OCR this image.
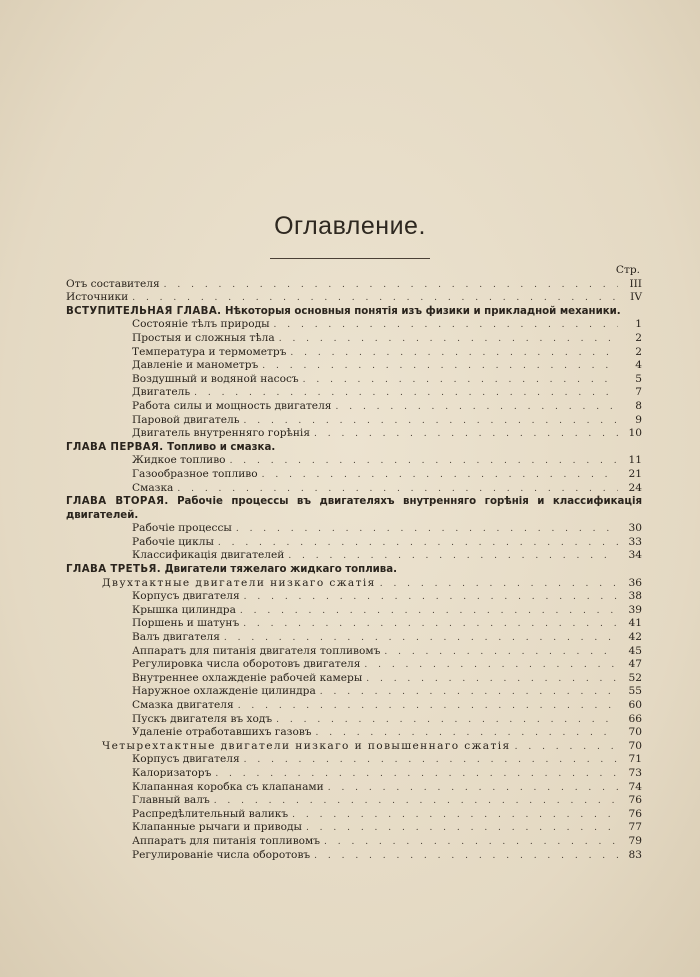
Оглавление.
Стр.
Отъ составителя . . .	III
Источники . . .	IV
ВСТУПИТЕЛЬНАЯ ГЛАВА. Нѣкоторыя основныя понятія изъ физики и прикладной механики.
Состояніе тѣлъ природы . . .	1
Простыя и сложныя тѣла . . .	2
Температура и термометръ . . .	2
Давленіе и манометръ . . .	4
Воздушный и водяной насосъ . . .	5
Двигатель . . .	7
Работа силы и мощность двигателя . . .	8
Паровой двигатель . . .	9
Двигатель внутренняго горѣнія . . .	10
ГЛАВА ПЕРВАЯ. Топливо и смазка.
Жидкое топливо . . .	11
Газообразное топливо . . .	21
Смазка . . .	24
ГЛАВА ВТОРАЯ. Рабочіе процессы въ двигателяхъ внутренняго горѣнія и классификація двигателей.
Рабочіе процессы . . .	30
Рабочіе циклы . . .	33
Классификація двигателей . . .	34
ГЛАВА ТРЕТЬЯ. Двигатели тяжелаго жидкаго топлива.
Двухтактные двигатели низкаго сжатія . . .	36
Корпусъ двигателя . . .	38
Крышка цилиндра . . .	39
Поршень и шатунъ . . .	41
Валъ двигателя . . .	42
Аппаратъ для питанія двигателя топливомъ . . .	45
Регулировка числа оборотовъ двигателя . . .	47
Внутреннее охлажденіе рабочей камеры . . .	52
Наружное охлажденіе цилиндра . . .	55
Смазка двигателя . . .	60
Пускъ двигателя въ ходъ . . .	66
Удаленіе отработавшихъ газовъ . . .	70
Четырехтактные двигатели низкаго и повышеннаго сжатія . . .	70
Корпусъ двигателя . . .	71
Калоризаторъ . . .	73
Клапанная коробка съ клапанами . . .	74
Главный валъ . . .	76
Распредѣлительный валикъ . . .	76
Клапанные рычаги и приводы . . .	77
Аппаратъ для питанія топливомъ . . .	79
Регулированіе числа оборотовъ . . .	83
